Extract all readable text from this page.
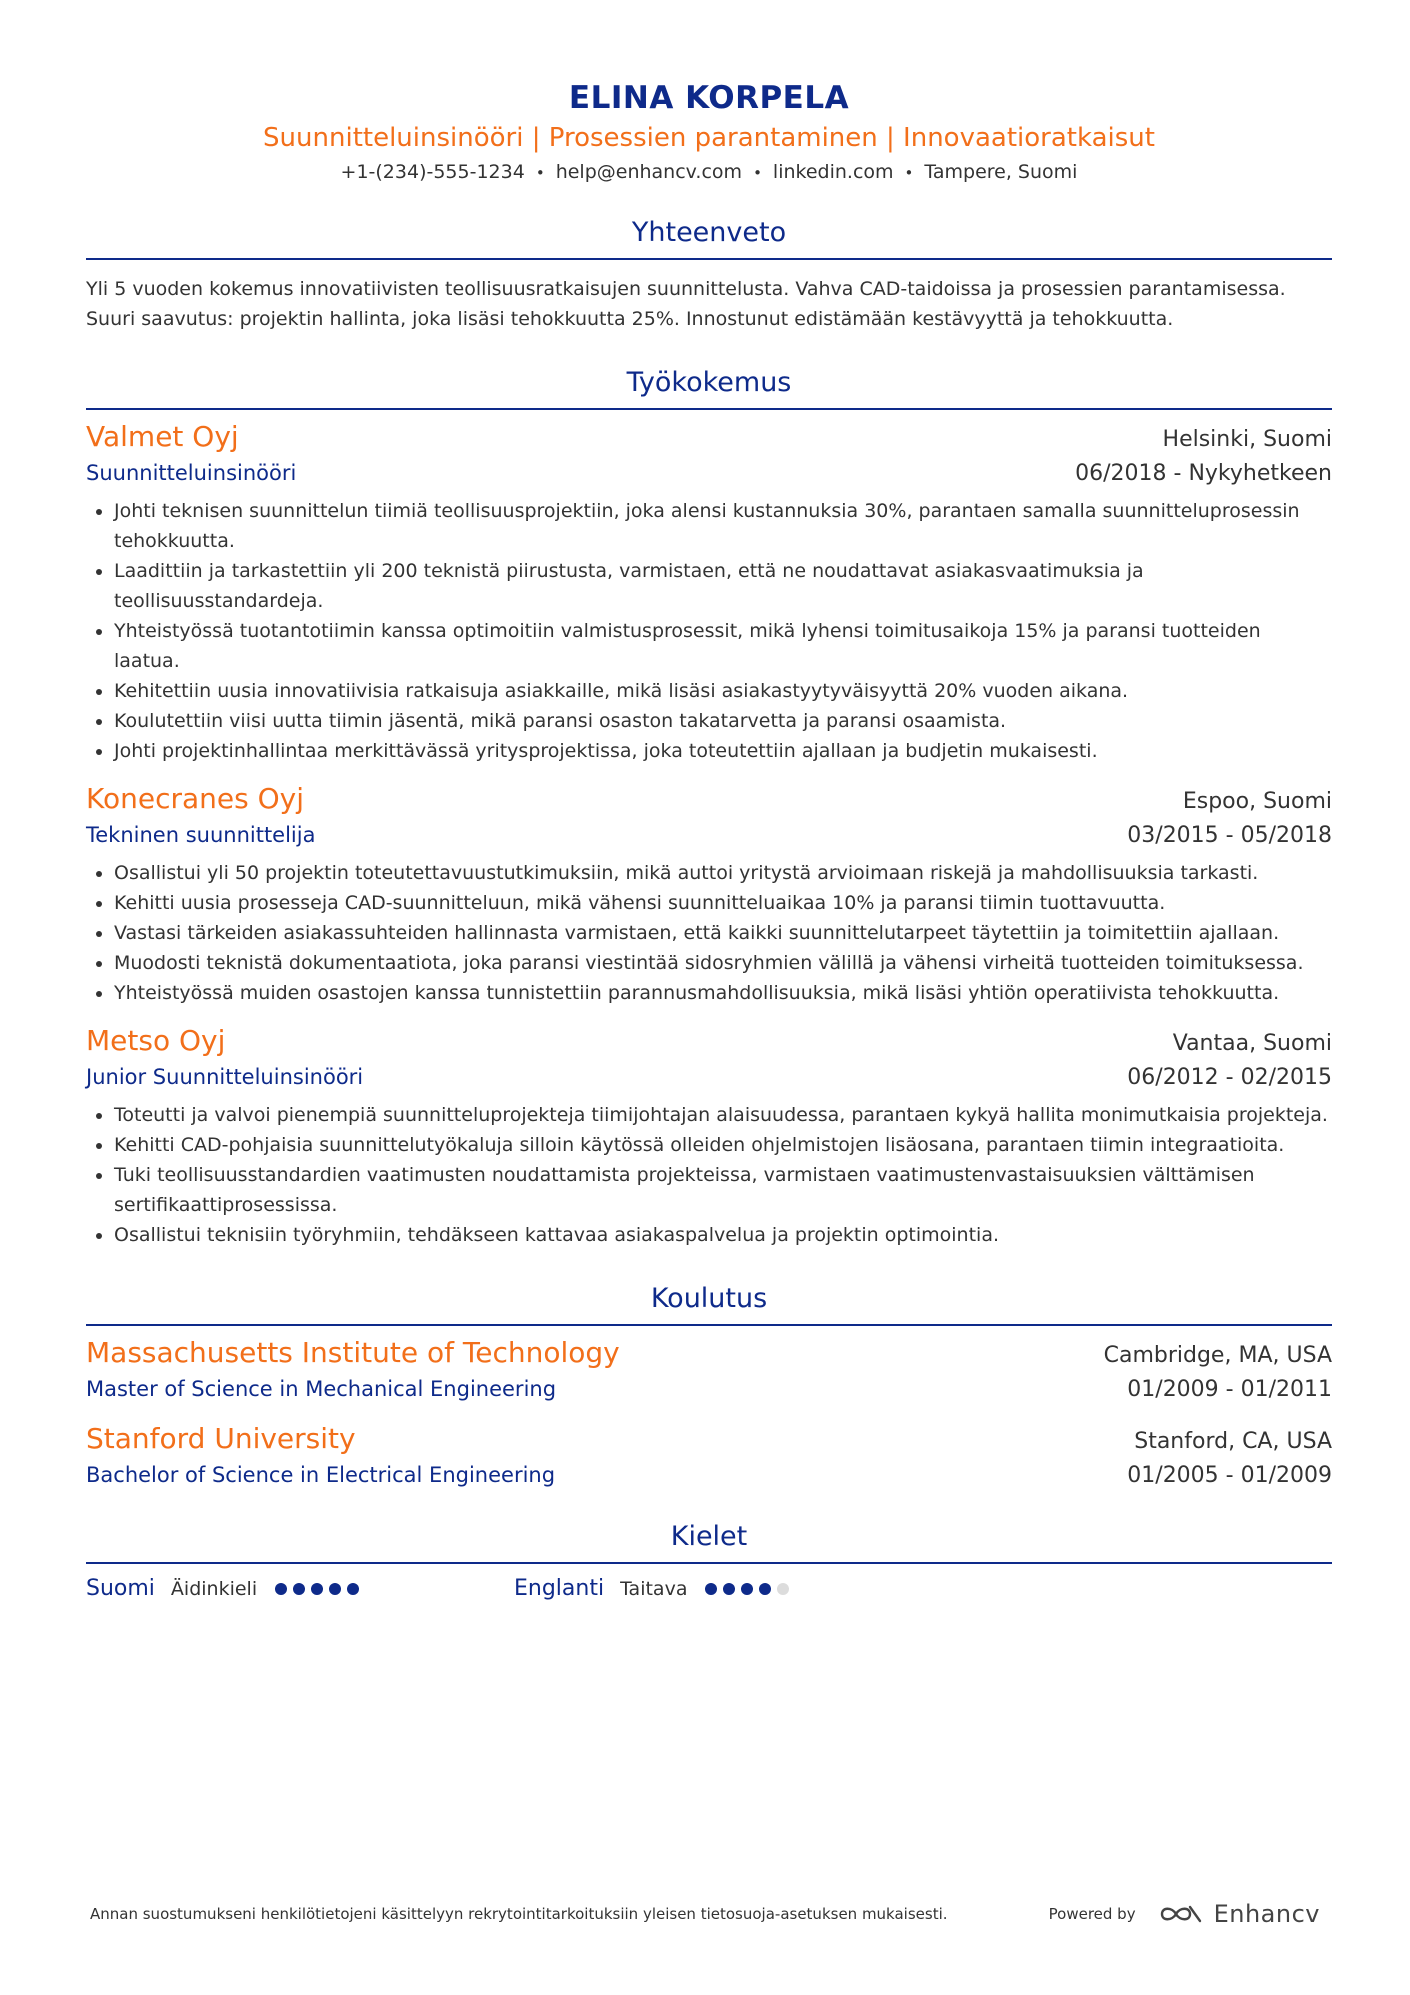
ELINA KORPELA
Suunnitteluinsinööri | Prosessien parantaminen | Innovaatioratkaisut
+1-(234)-555-1234 • help@enhancv.com • linkedin.com • Tampere, Suomi
Yhteenveto

Yli 5 vuoden kokemus innovatiivisten teollisuusratkaisujen suunnittelusta. Vahva CAD-taidoissa ja prosessien parantamisessa. Suuri saavutus: projektin hallinta, joka lisäsi tehokkuutta 25%. Innostunut edistämään kestävyyttä ja tehokkuutta.

Työkokemus
Valmet Oyj	Helsinki, Suomi
Suunnitteluinsinööri	06/2018 - Nykyhetkeen
Johti teknisen suunnittelun tiimiä teollisuusprojektiin, joka alensi kustannuksia 30%, parantaen samalla suunnitteluprosessin tehokkuutta.
Laadittiin ja tarkastettiin yli 200 teknistä piirustusta, varmistaen, että ne noudattavat asiakasvaatimuksia ja teollisuusstandardeja.
Yhteistyössä tuotantotiimin kanssa optimoitiin valmistusprosessit, mikä lyhensi toimitusaikoja 15% ja paransi tuotteiden laatua.
Kehitettiin uusia innovatiivisia ratkaisuja asiakkaille, mikä lisäsi asiakastyytyväisyyttä 20% vuoden aikana.
Koulutettiin viisi uutta tiimin jäsentä, mikä paransi osaston takatarvetta ja paransi osaamista.
Johti projektinhallintaa merkittävässä yritysprojektissa, joka toteutettiin ajallaan ja budjetin mukaisesti.
Konecranes Oyj	Espoo, Suomi
Tekninen suunnittelija	03/2015 - 05/2018
Osallistui yli 50 projektin toteutettavuustutkimuksiin, mikä auttoi yritystä arvioimaan riskejä ja mahdollisuuksia tarkasti.
Kehitti uusia prosesseja CAD-suunnitteluun, mikä vähensi suunnitteluaikaa 10% ja paransi tiimin tuottavuutta.
Vastasi tärkeiden asiakassuhteiden hallinnasta varmistaen, että kaikki suunnittelutarpeet täytettiin ja toimitettiin ajallaan.
Muodosti teknistä dokumentaatiota, joka paransi viestintää sidosryhmien välillä ja vähensi virheitä tuotteiden toimituksessa.
Yhteistyössä muiden osastojen kanssa tunnistettiin parannusmahdollisuuksia, mikä lisäsi yhtiön operatiivista tehokkuutta.
Metso Oyj	Vantaa, Suomi
Junior Suunnitteluinsinööri	06/2012 - 02/2015
Toteutti ja valvoi pienempiä suunnitteluprojekteja tiimijohtajan alaisuudessa, parantaen kykyä hallita monimutkaisia projekteja.
Kehitti CAD-pohjaisia suunnittelutyökaluja silloin käytössä olleiden ohjelmistojen lisäosana, parantaen tiimin integraatioita.
Tuki teollisuusstandardien vaatimusten noudattamista projekteissa, varmistaen vaatimustenvastaisuuksien välttämisen sertifikaattiprosessissa.
Osallistui teknisiin työryhmiin, tehdäkseen kattavaa asiakaspalvelua ja projektin optimointia.
Koulutus
Massachusetts Institute of Technology	Cambridge, MA, USA
Master of Science in Mechanical Engineering	01/2009 - 01/2011
Stanford University	Stanford, CA, USA
Bachelor of Science in Electrical Engineering	01/2005 - 01/2009
Kielet
Suomi Äidinkieli	Englanti Taitava
Annan suostumukseni henkilötietojeni käsittelyyn rekrytointitarkoituksiin yleisen tietosuoja-asetuksen mukaisesti.	Powered by	Enhancv
